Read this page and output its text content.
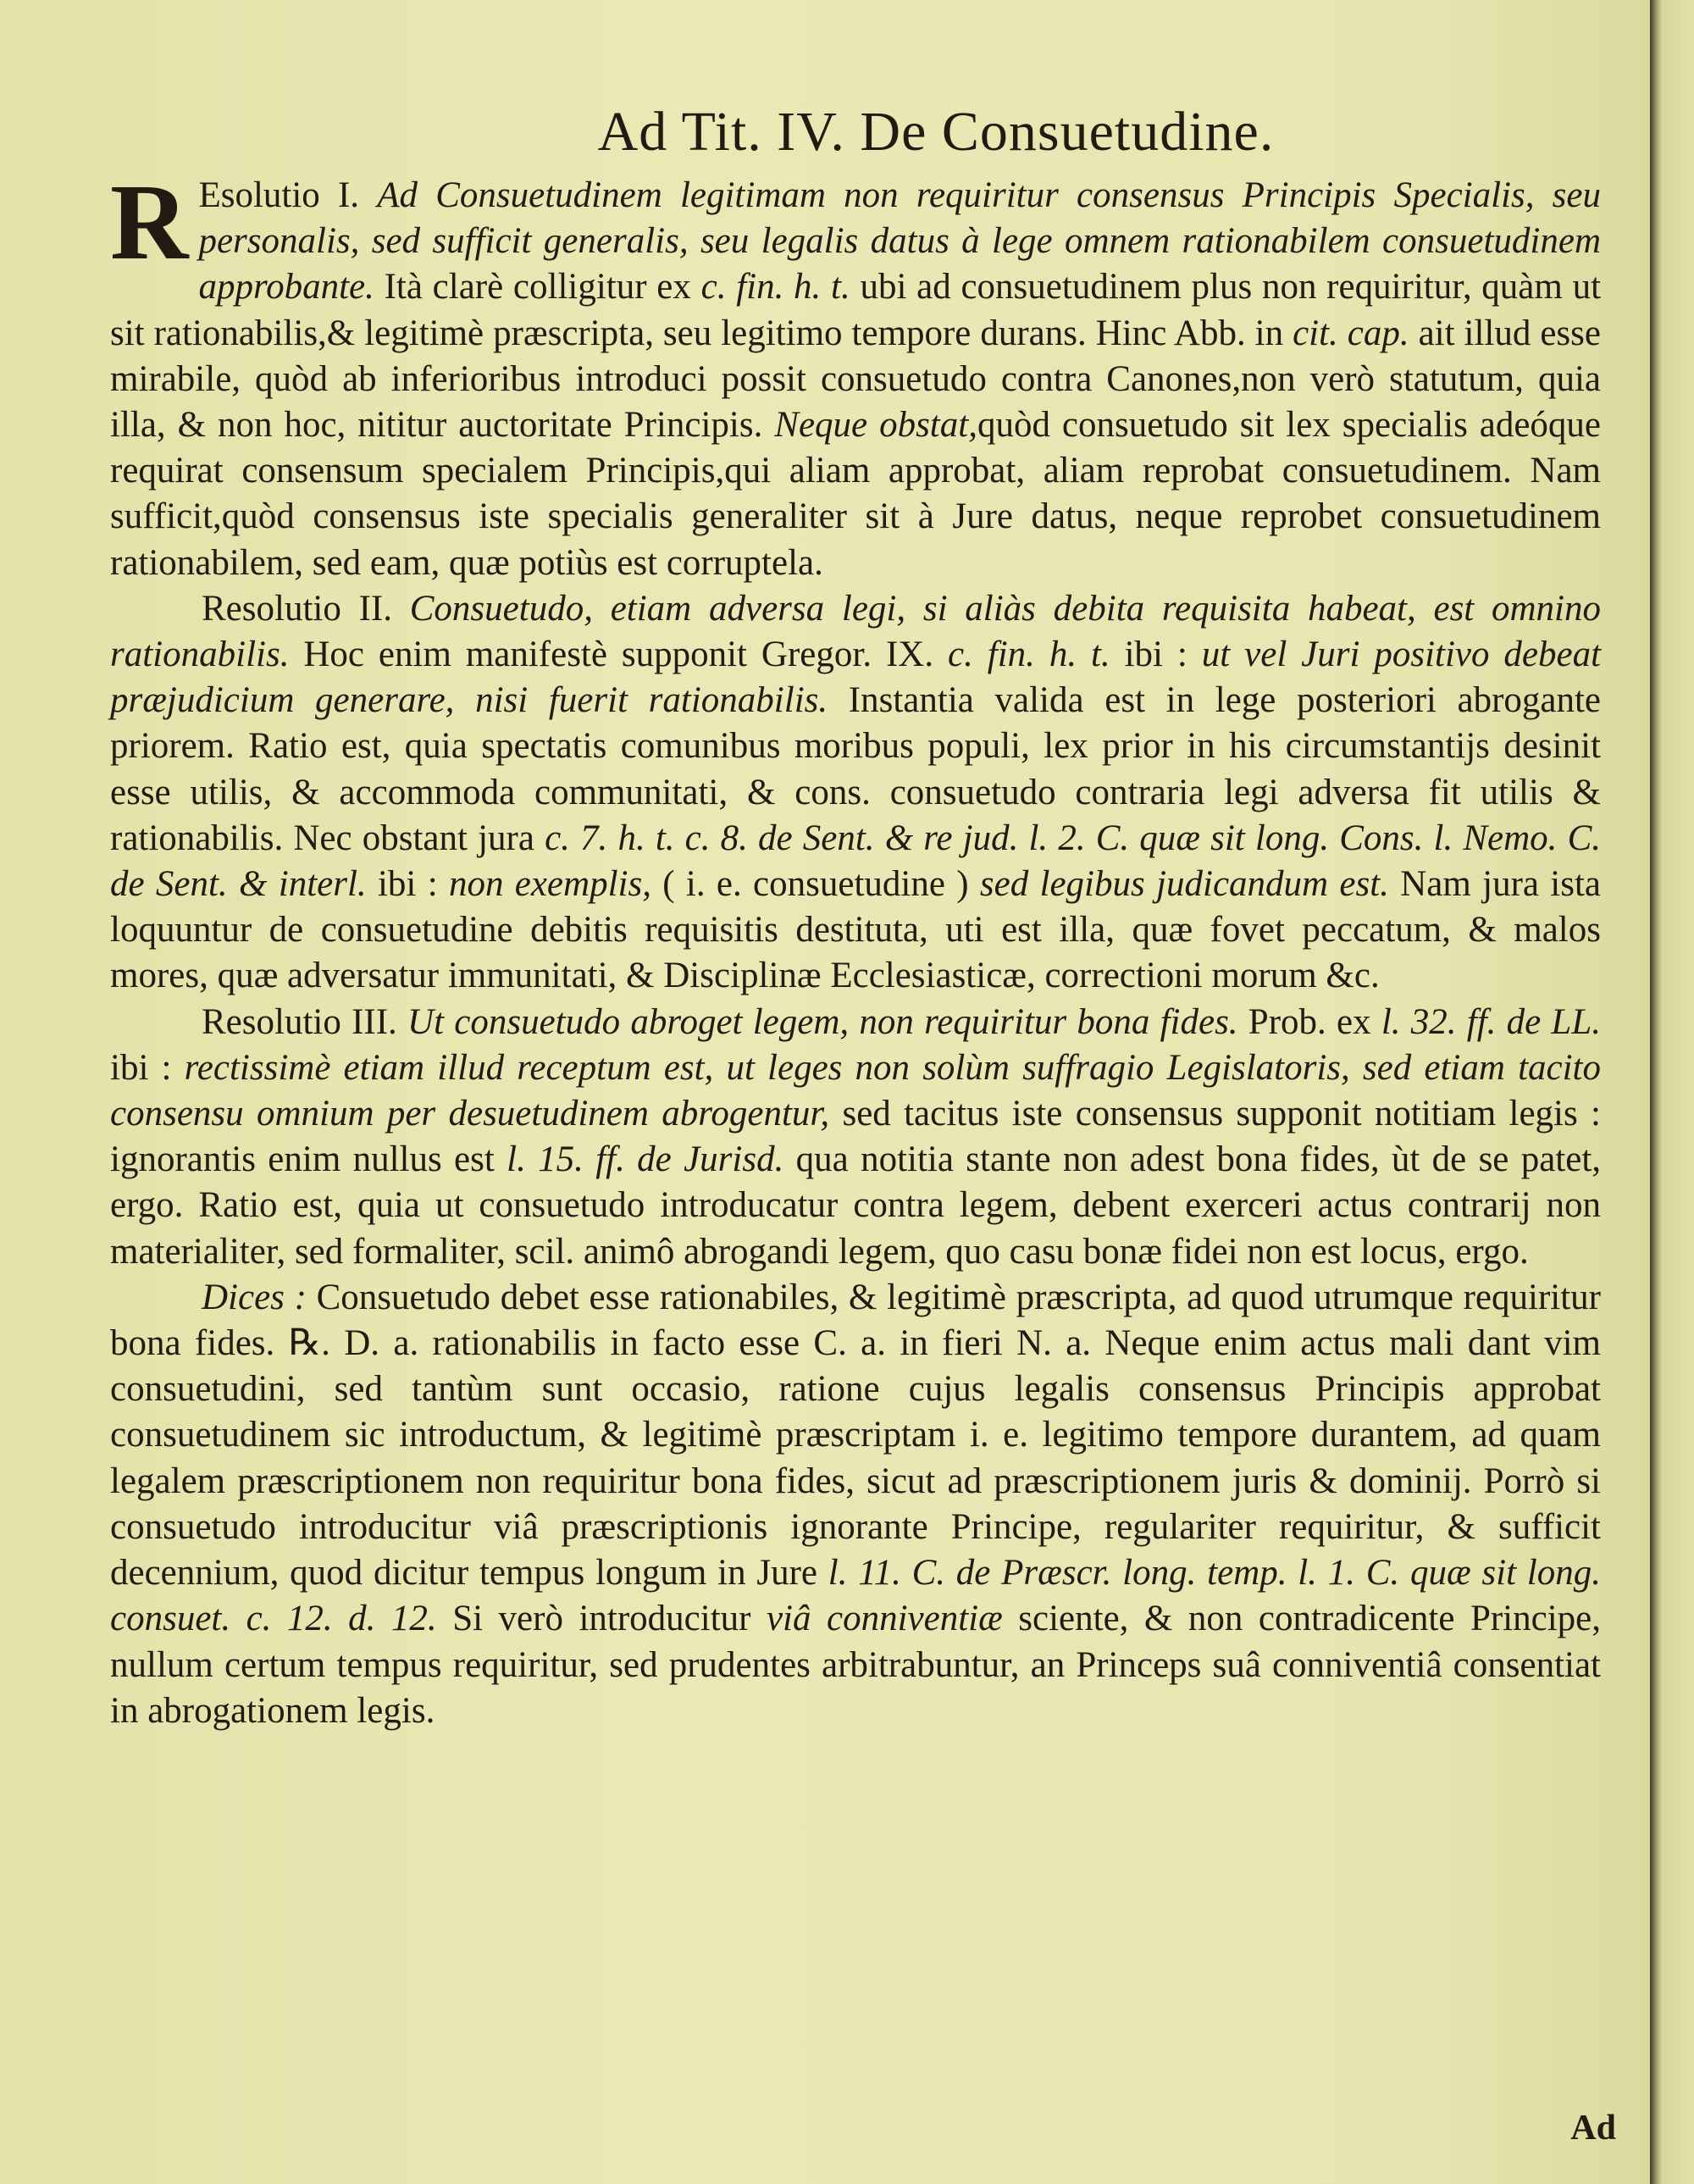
Ad Tit. IV. De Consuetudine.

R Esolutio I. Ad Consuetudinem legitimam non requiritur consensus Principis Specialis, seu personalis, sed sufficit generalis, seu legalis datus à lege omnem rationabilem consuetudinem approbante. Ità clarè colligitur ex c. fin. h. t. ubi ad consuetudinem plus non requiritur, quàm ut sit rationabilis,& legitimè præscripta, seu legitimo tempore durans. Hinc Abb. in cit. cap. ait illud esse mirabile, quòd ab inferioribus introduci possit consuetudo contra Canones,non verò statutum, quia illa, & non hoc, nititur auctoritate Principis. Neque obstat,quòd consuetudo sit lex specialis adeóque requirat consensum specialem Principis,qui aliam approbat, aliam reprobat consuetudinem. Nam sufficit,quòd consensus iste specialis generaliter sit à Jure datus, neque reprobet consuetudinem rationabilem, sed eam, quæ potiùs est corruptela.

Resolutio II. Consuetudo, etiam adversa legi, si aliàs debita requisita habeat, est omnino rationabilis. Hoc enim manifestè supponit Gregor. IX. c. fin. h. t. ibi : ut vel Juri positivo debeat præjudicium generare, nisi fuerit rationabilis. Instantia valida est in lege posteriori abrogante priorem. Ratio est, quia spectatis comunibus moribus populi, lex prior in his circumstantijs desinit esse utilis, & accommoda communitati, & cons. consuetudo contraria legi adversa fit utilis & rationabilis. Nec obstant jura c. 7. h. t. c. 8. de Sent. & re jud. l. 2. C. quæ sit long. Cons. l. Nemo. C. de Sent. & interl. ibi : non exemplis, ( i. e. consuetudine ) sed legibus judicandum est. Nam jura ista loquuntur de consuetudine debitis requisitis destituta, uti est illa, quæ fovet peccatum, & malos mores, quæ adversatur immunitati, & Disciplinæ Ecclesiasticæ, correctioni morum &c.

Resolutio III. Ut consuetudo abroget legem, non requiritur bona fides. Prob. ex l. 32. ff. de LL. ibi : rectissimè etiam illud receptum est, ut leges non solùm suffragio Legislatoris, sed etiam tacito consensu omnium per desuetudinem abrogentur, sed tacitus iste consensus supponit notitiam legis : ignorantis enim nullus est l. 15. ff. de Jurisd. qua notitia stante non adest bona fides, ùt de se patet, ergo. Ratio est, quia ut consuetudo introducatur contra legem, debent exerceri actus contrarij non materialiter, sed formaliter, scil. animô abrogandi legem, quo casu bonæ fidei non est locus, ergo.

Dices : Consuetudo debet esse rationabiles, & legitimè præscripta, ad quod utrumque requiritur bona fides. ℞. D. a. rationabilis in facto esse C. a. in fieri N. a. Neque enim actus mali dant vim consuetudini, sed tantùm sunt occasio, ratione cujus legalis consensus Principis approbat consuetudinem sic introductum, & legitimè præscriptam i. e. legitimo tempore durantem, ad quam legalem præscriptionem non requiritur bona fides, sicut ad præscriptionem juris & dominij. Porrò si consuetudo introducitur viâ præscriptionis ignorante Principe, regulariter requiritur, & sufficit decennium, quod dicitur tempus longum in Jure l. 11. C. de Præscr. long. temp. l. 1. C. quæ sit long. consuet. c. 12. d. 12. Si verò introducitur viâ conniventiæ sciente, & non contradicente Principe, nullum certum tempus requiritur, sed prudentes arbitrabuntur, an Princeps suâ conniventiâ consentiat in abrogationem legis.

Ad
